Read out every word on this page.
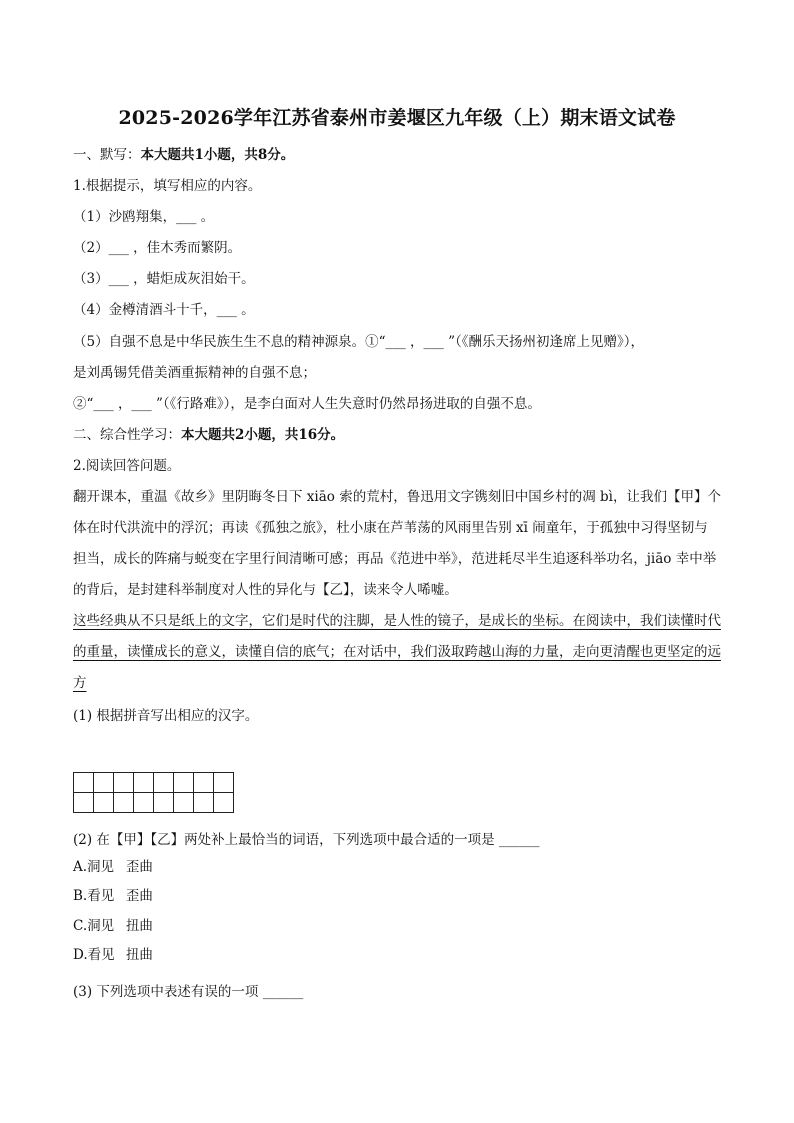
2025-2026学年江苏省泰州市姜堰区九年级（上）期末语文试卷
一、默写：本大题共1小题，共8分。
1.根据提示，填写相应的内容。
（1）沙鸥翔集，___ 。
（2）___ ，佳木秀而繁阴。
（3）___ ，蜡炬成灰泪始干。
（4）金樽清酒斗十千，___ 。
（5）自强不息是中华民族生生不息的精神源泉。①“___ ，___ ”（《酬乐天扬州初逢席上见赠》），
是刘禹锡凭借美酒重振精神的自强不息；
②“___ ，___ ”（《行路难》），是李白面对人生失意时仍然昂扬进取的自强不息。
二、综合性学习：本大题共2小题，共16分。
2.阅读回答问题。
翻开课本，重温《故乡》里阴晦冬日下 xiāo 索的荒村，鲁迅用文字镌刻旧中国乡村的凋 bì，让我们【甲】个体在时代洪流中的浮沉；再读《孤独之旅》，杜小康在芦苇荡的风雨里告别 xī 闹童年，于孤独中习得坚韧与担当，成长的阵痛与蜕变在字里行间清晰可感；再品《范进中举》，范进耗尽半生追逐科举功名，jiāo 幸中举的背后，是封建科举制度对人性的异化与【乙】，读来令人唏嘘。
这些经典从不只是纸上的文字，它们是时代的注脚，是人性的镜子，是成长的坐标。在阅读中，我们读懂时代的重量，读懂成长的意义，读懂自信的底气；在对话中，我们汲取跨越山海的力量，走向更清醒也更坚定的远方
(1) 根据拼音写出相应的汉字。
(2) 在【甲】【乙】两处补上最恰当的词语，下列选项中最合适的一项是 ______
A.洞见 歪曲
B.看见 歪曲
C.洞见 扭曲
D.看见 扭曲
(3) 下列选项中表述有误的一项 ______
